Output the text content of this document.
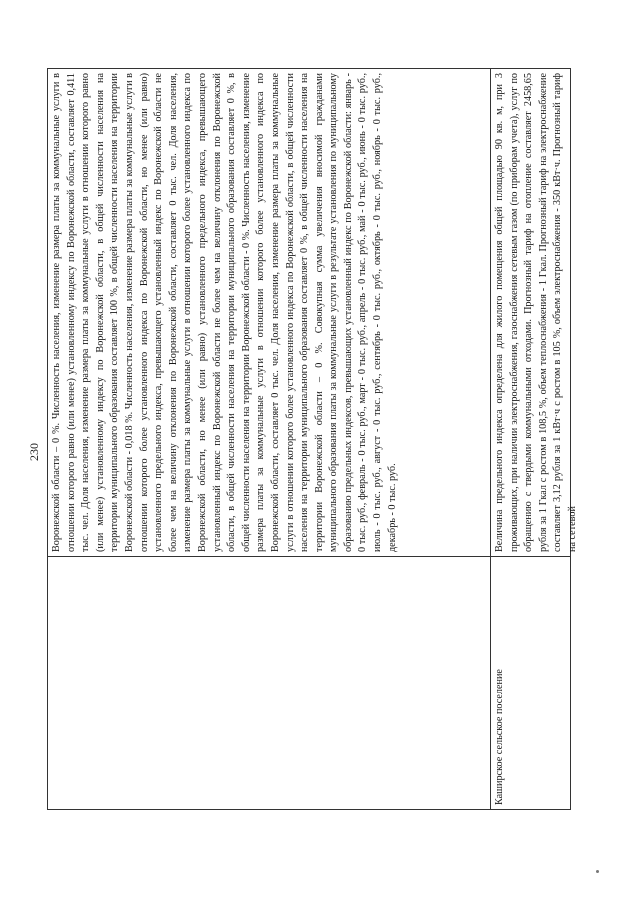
230 Воронежской области – 0 %. Численность населения, изменение размера платы за коммунальные услуги в отношении которого равно (или менее) установленному индексу по Воронежской области, составляет 0,411 тыс. чел. Доля населения, изменение размера платы за коммунальные услуги в отношении которого равно (или менее) установленному индексу по Воронежской области, в общей численности населения на территории муниципального образования составляет 100 %, в общей численности населения на территории Воронежской области - 0,018 %. Численность населения, изменение размера платы за коммунальные услуги в отношении которого более установленного индекса по Воронежской области, но менее (или равно) установленного предельного индекса, превышающего установленный индекс по Воронежской области не более чем на величину отклонения по Воронежской области, составляет 0 тыс. чел. Доля населения, изменение размера платы за коммунальные услуги в отношении которого более установленного индекса по Воронежской области, но менее (или равно) установленного предельного индекса, превышающего установленный индекс по Воронежской области не более чем на величину отклонения по Воронежской области, в общей численности населения на территории муниципального образования составляет 0 %, в общей численности населения на территории Воронежской области - 0 %. Численность населения, изменение размера платы за коммунальные услуги в отношении которого более установленного индекса по Воронежской области, составляет 0 тыс. чел. Доля населения, изменение размера платы за коммунальные услуги в отношении которого более установленного индекса по Воронежской области, в общей численности населения на территории муниципального образования составляет 0 %, в общей численности населения на территории Воронежской области – 0 %. Совокупная сумма увеличения вносимой гражданами муниципального образования платы за коммунальные услуги в результате установления по муниципальному образованию предельных индексов, превышающих установленный индекс по Воронежской области: январь - 0 тыс. руб., февраль - 0 тыс. руб., март - 0 тыс. руб., апрель - 0 тыс. руб., май - 0 тыс. руб., июнь - 0 тыс. руб., июль - 0 тыс. руб., август - 0 тыс. руб., сентябрь - 0 тыс. руб., октябрь - 0 тыс. руб., ноябрь - 0 тыс. руб., декабрь - 0 тыс. руб.
Каширское сельское поселение
Величина предельного индекса определена для жилого помещения общей площадью 90 кв. м, при 3 проживающих, при наличии электроснабжения, газоснабжения сетевым газом (по приборам учета), услуг по обращению с твердыми коммунальными отходами. Прогнозный тариф на отопление составляет 2458,65 рубля за 1 Гкал с ростом в 108,5 %, объем теплоснабжения - 1 Гкал. Прогнозный тариф на электроснабжение составляет 3,12 рубля за 1 кВт·ч с ростом в 105 %, объем электроснабжения - 350 кВт·ч. Прогнозный тариф на сетевой
